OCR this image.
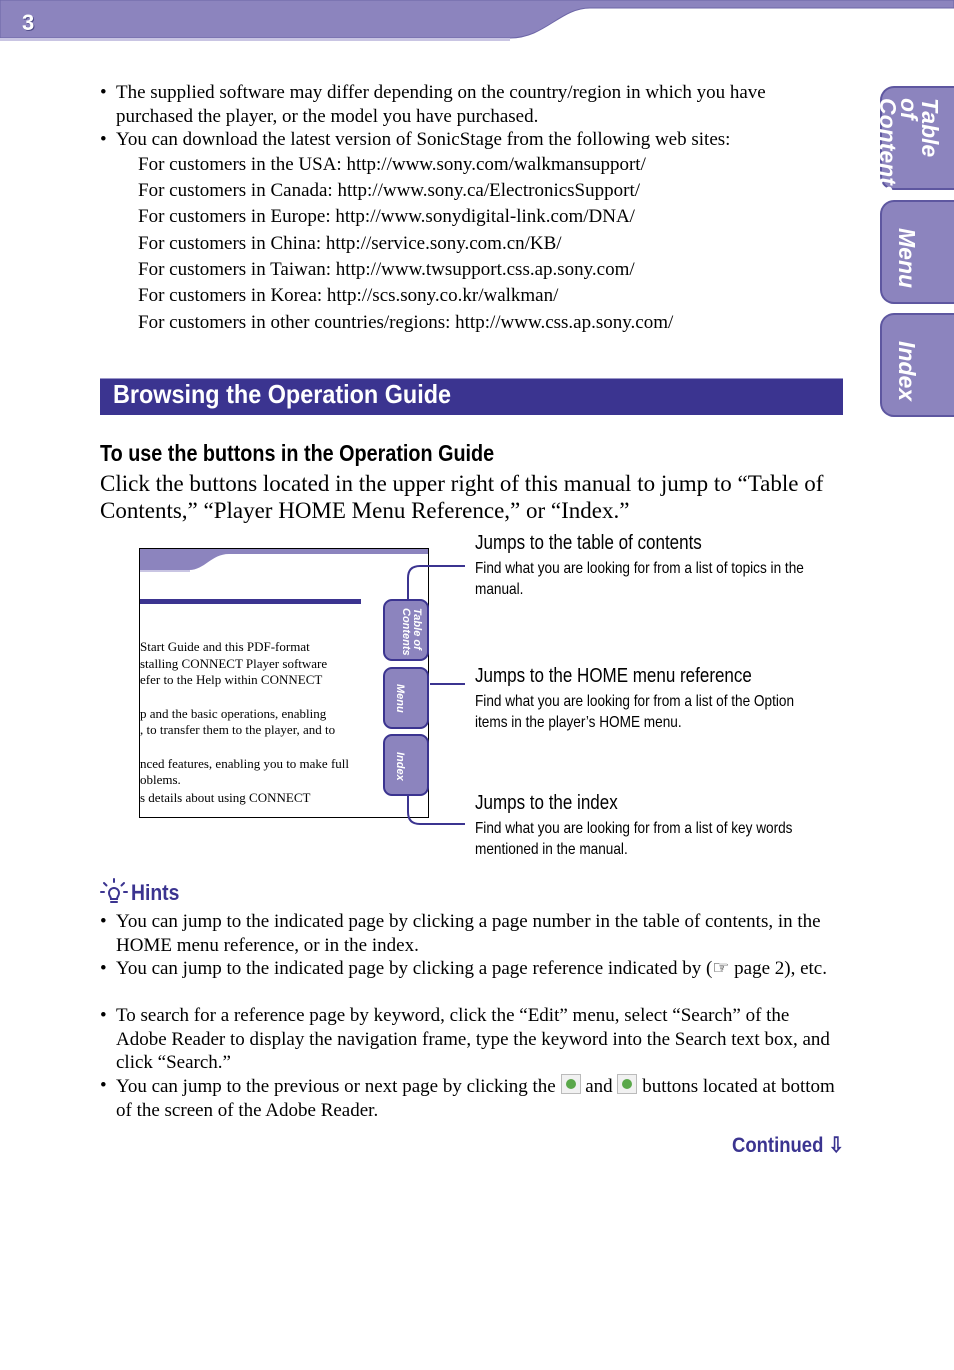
3
Table of Contents
Menu
Index
• The supplied software may differ depending on the country/region in which you have purchased the player, or the model you have purchased.
• You can download the latest version of SonicStage from the following web sites:
For customers in the USA: http://www.sony.com/walkmansupport/
For customers in Canada: http://www.sony.ca/ElectronicsSupport/
For customers in Europe: http://www.sonydigital-link.com/DNA/
For customers in China: http://service.sony.com.cn/KB/
For customers in Taiwan: http://www.twsupport.css.ap.sony.com/
For customers in Korea: http://scs.sony.co.kr/walkman/
For customers in other countries/regions: http://www.css.ap.sony.com/
Browsing the Operation Guide
To use the buttons in the Operation Guide
Click the buttons located in the upper right of this manual to jump to “Table of Contents,” “Player HOME Menu Reference,” or “Index.”
Table of Contents
Menu
Index
Start Guide and this PDF-format
stalling CONNECT Player software
efer to the Help within CONNECT
p and the basic operations, enabling
, to transfer them to the player, and to
nced features, enabling you to make full
oblems.
s details about using CONNECT
Jumps to the table of contents
Find what you are looking for from a list of topics in the manual.
Jumps to the HOME menu reference
Find what you are looking for from a list of the Option items in the player’s HOME menu.
Jumps to the index
Find what you are looking for from a list of key words mentioned in the manual.
Hints
• You can jump to the indicated page by clicking a page number in the table of contents, in the HOME menu reference, or in the index.
• You can jump to the indicated page by clicking a page reference indicated by (☞ page 2), etc.
• To search for a reference page by keyword, click the “Edit” menu, select “Search” of the Adobe Reader to display the navigation frame, type the keyword into the Search text box, and click “Search.”
• You can jump to the previous or next page by clicking the and buttons located at bottom of the screen of the Adobe Reader.
Continued ⇩
